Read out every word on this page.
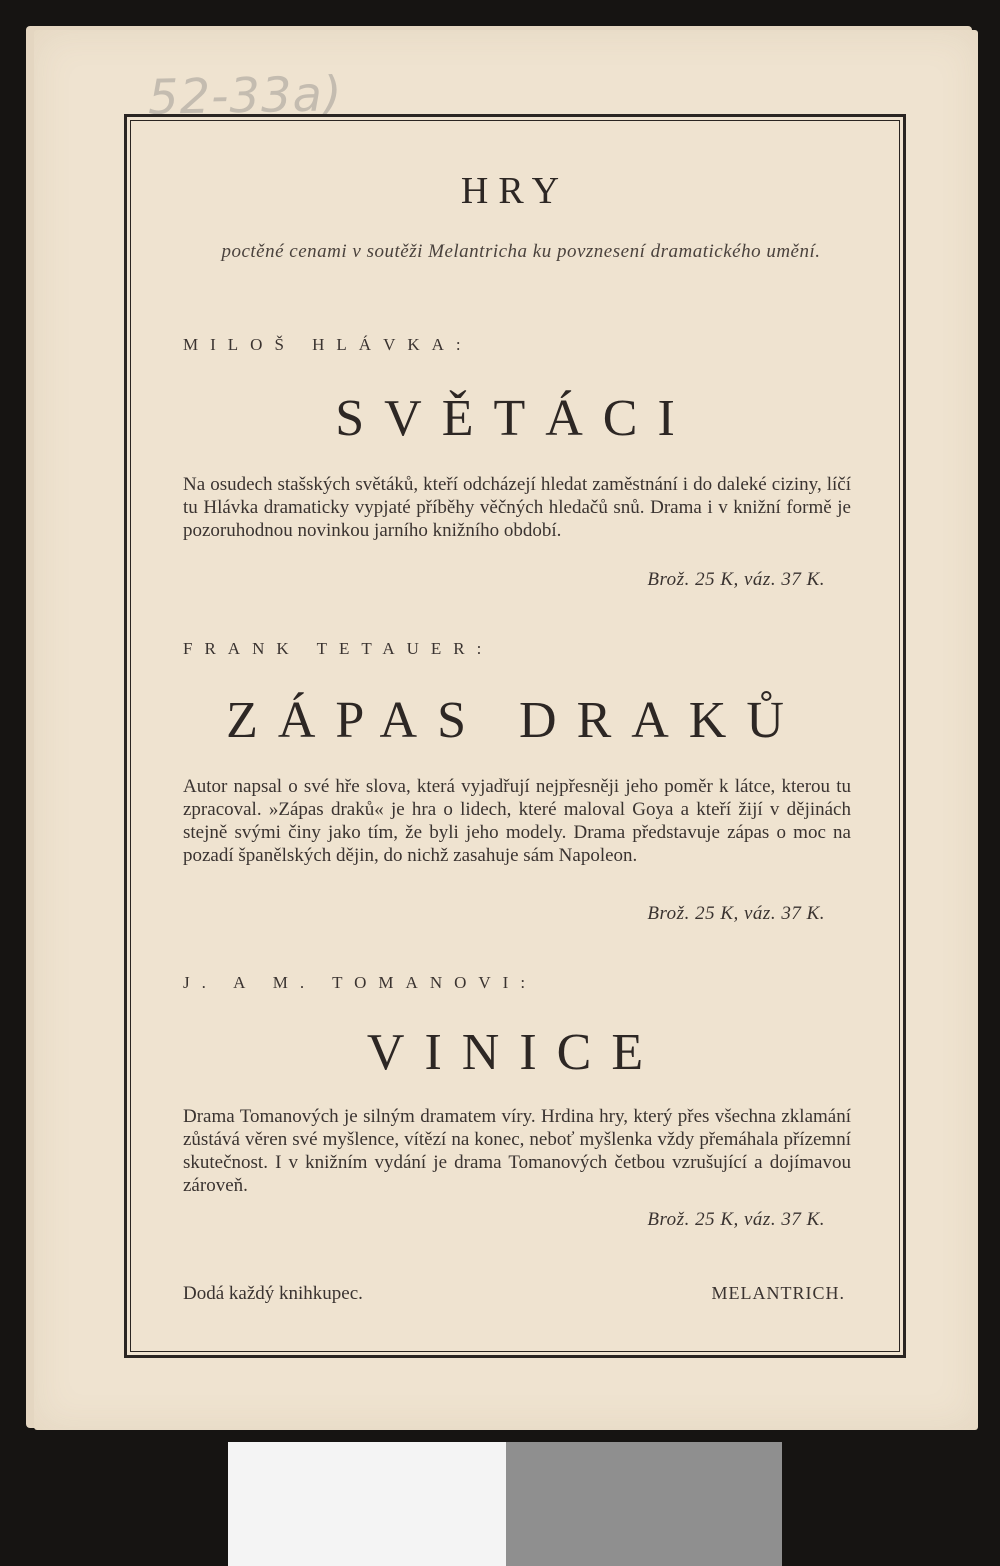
52-33a)
HRY
poctěné cenami v soutěži Melantricha ku povznesení dramatického umění.
MILOŠ HLÁVKA:
SVĚTÁCI
Na osudech stašských světáků, kteří odcházejí hledat zaměstnání i do daleké ciziny, líčí tu Hlávka dramaticky vypjaté příběhy věčných hledačů snů. Drama i v knižní formě je pozoruhodnou novinkou jarního knižního období.
Brož. 25 K, váz. 37 K.
FRANK TETAUER:
ZÁPAS DRAKŮ
Autor napsal o své hře slova, která vyjadřují nejpřesněji jeho poměr k látce, kterou tu zpracoval. »Zápas draků« je hra o lidech, které maloval Goya a kteří žijí v dějinách stejně svými činy jako tím, že byli jeho modely. Drama představuje zápas o moc na pozadí španělských dějin, do nichž zasahuje sám Napoleon.
Brož. 25 K, váz. 37 K.
J. A M. TOMANOVI:
VINICE
Drama Tomanových je silným dramatem víry. Hrdina hry, který přes všechna zklamání zůstává věren své myšlence, vítězí na konec, neboť myšlenka vždy přemáhala přízemní skutečnost. I v knižním vydání je drama Tomanových četbou vzrušující a dojímavou zároveň.
Brož. 25 K, váz. 37 K.
Dodá každý knihkupec.	MELANTRICH.
